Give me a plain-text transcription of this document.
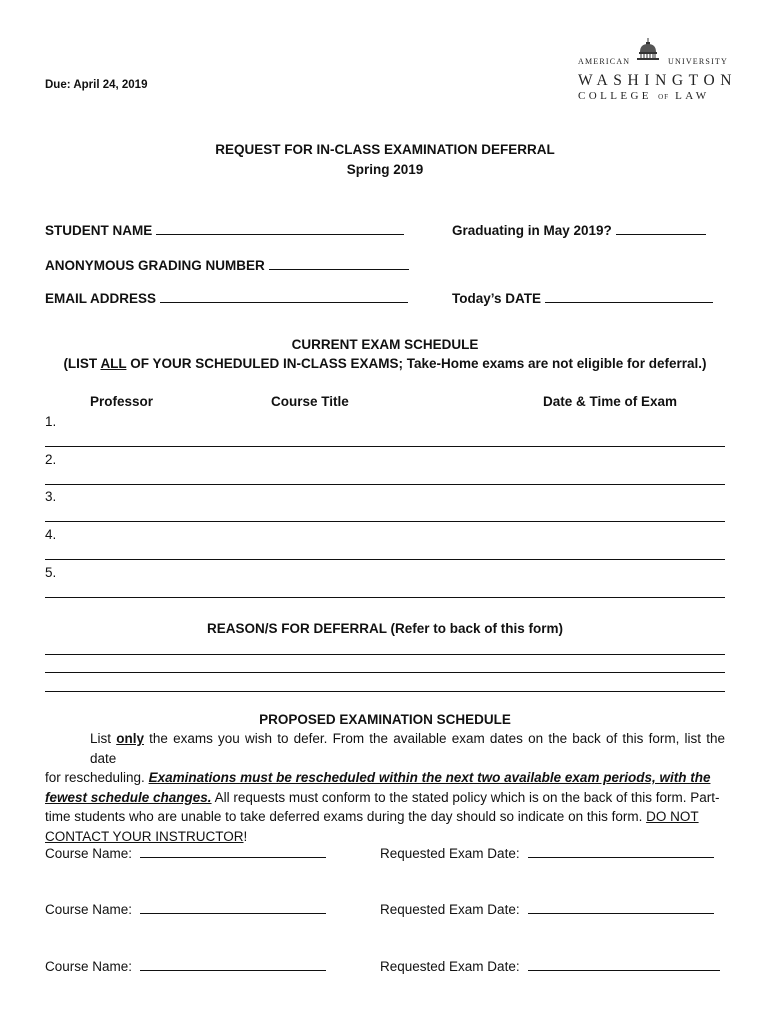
Due: April 24, 2019
AMERICAN	UNIVERSITY
WASHINGTON
COLLEGE OF LAW
REQUEST FOR IN-CLASS EXAMINATION DEFERRAL
Spring 2019
STUDENT NAME	Graduating in May 2019?
ANONYMOUS GRADING NUMBER
EMAIL ADDRESS	Today’s DATE
CURRENT EXAM SCHEDULE
(LIST ALL OF YOUR SCHEDULED IN-CLASS EXAMS; Take-Home exams are not eligible for deferral.)
Professor	Course Title	Date & Time of Exam
1.
2.
3.
4.
5.
REASON/S FOR DEFERRAL (Refer to back of this form)
PROPOSED EXAMINATION SCHEDULE
List only the exams you wish to defer. From the available exam dates on the back of this form, list the date
for rescheduling. Examinations must be rescheduled within the next two available exam periods, with the
fewest schedule changes. All requests must conform to the stated policy which is on the back of this form. Part-
time students who are unable to take deferred exams during the day should so indicate on this form. DO NOT
CONTACT YOUR INSTRUCTOR!
Course Name:	Requested Exam Date:
Course Name:	Requested Exam Date:
Course Name:	Requested Exam Date:
